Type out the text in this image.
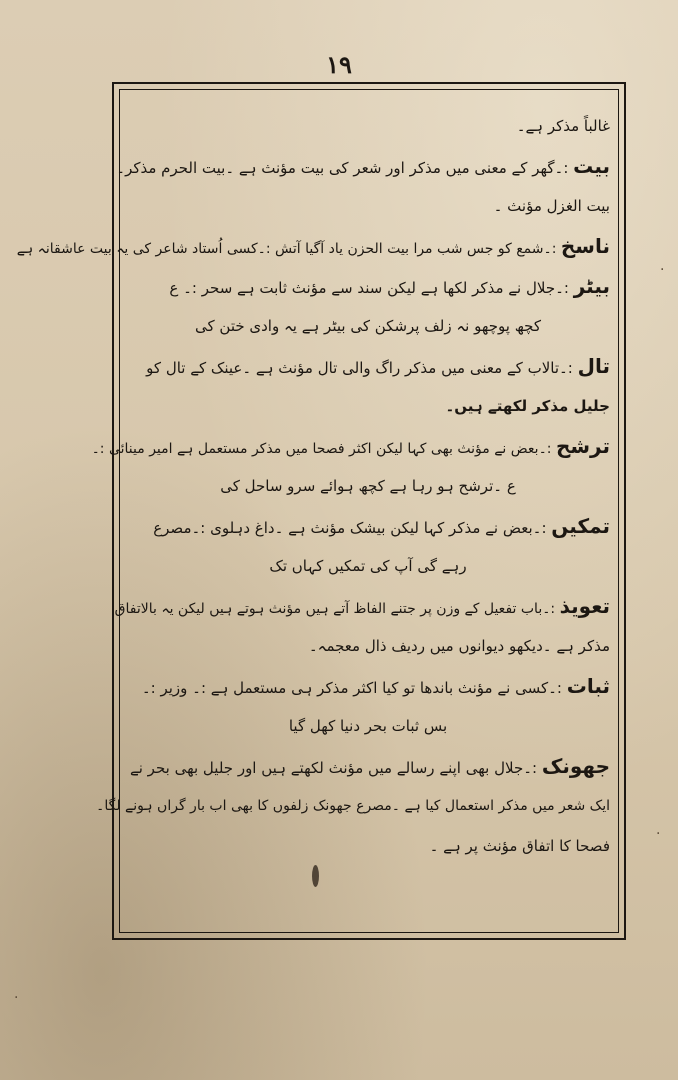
۱۹

غالباً مذکر ہے۔

بیت :۔گھر کے معنی میں مذکر اور شعر کی بیت مؤنث ہے ۔بیت الحرم مذکر۔

بیت الغزل مؤنث ۔

ناسخ :۔شمع کو جس شب مرا بیت الحزن یاد آگیا آتش :۔کسی اُستاد شاعر کی یہ بیت عاشقانہ ہے

بیٹر :۔جلال نے مذکر لکھا ہے لیکن سند سے مؤنث ثابت ہے سحر :۔ ع

کچھ پوچھو نہ زلف پرشکن کی بیٹر ہے یہ وادی ختن کی

تال :۔تالاب کے معنی میں مذکر راگ والی تال مؤنث ہے ۔عینک کے تال کو

جلیل مذکر لکھتے ہیں۔

ترشح :۔بعض نے مؤنث بھی کہا لیکن اکثر فصحا میں مذکر مستعمل ہے امیر مینائی :۔

ع ۔ترشح ہو رہا ہے کچھ ہوائے سرو ساحل کی

تمکیں :۔بعض نے مذکر کہا لیکن بیشک مؤنث ہے ۔داغ دہلوی :۔مصرع

رہے گی آپ کی تمکیں کہاں تک

تعویذ :۔باب تفعیل کے وزن پر جتنے الفاظ آتے ہیں مؤنث ہوتے ہیں لیکن یہ بالاتفاق

مذکر ہے ۔دیکھو دیوانوں میں ردیف ذال معجمہ۔

ثبات :۔کسی نے مؤنث باندھا تو کیا اکثر مذکر ہی مستعمل ہے :۔ وزیر :۔

بس ثبات بحر دنیا کھل گیا

جھونک :۔جلال بھی اپنے رسالے میں مؤنث لکھتے ہیں اور جلیل بھی بحر نے

ایک شعر میں مذکر استعمال کیا ہے ۔مصرع جھونک زلفوں کا بھی اب بار گراں ہونے لگا۔

فصحا کا اتفاق مؤنث پر ہے ۔

·
·
·
